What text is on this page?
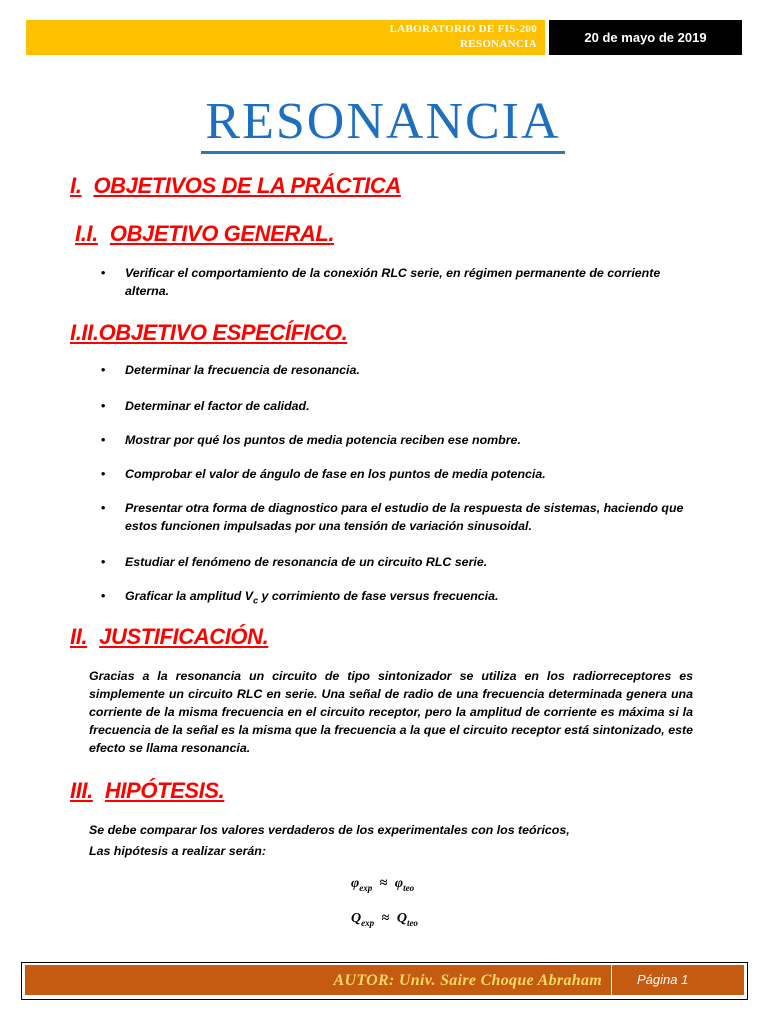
LABORATORIO DE FIS-200
RESONANCIA	20 de mayo de 2019
RESONANCIA
I. OBJETIVOS DE LA PRÁCTICA
I.I. OBJETIVO GENERAL.
• Verificar el comportamiento de la conexión RLC serie, en régimen permanente de corriente alterna.
I.II.OBJETIVO ESPECÍFICO.
• Determinar la frecuencia de resonancia.
• Determinar el factor de calidad.
• Mostrar por qué los puntos de media potencia reciben ese nombre.
• Comprobar el valor de ángulo de fase en los puntos de media potencia.
• Presentar otra forma de diagnostico para el estudio de la respuesta de sistemas, haciendo que estos funcionen impulsadas por una tensión de variación sinusoidal.
• Estudiar el fenómeno de resonancia de un circuito RLC serie.
• Graficar la amplitud $V_c$ y corrimiento de fase versus frecuencia.
II. JUSTIFICACIÓN.
Gracias a la resonancia un circuito de tipo sintonizador se utiliza en los radiorreceptores es simplemente un circuito RLC en serie. Una señal de radio de una frecuencia determinada genera una corriente de la misma frecuencia en el circuito receptor, pero la amplitud de corriente es máxima si la frecuencia de la señal es la misma que la frecuencia a la que el circuito receptor está sintonizado, este efecto se llama resonancia.
III. HIPÓTESIS.
Se debe comparar los valores verdaderos de los experimentales con los teóricos,
Las hipótesis a realizar serán:
$\varphi_{exp} \approx \varphi_{teo}$
$Q_{exp} \approx Q_{teo}$
AUTOR: Univ. Saire Choque Abraham	Página 1
